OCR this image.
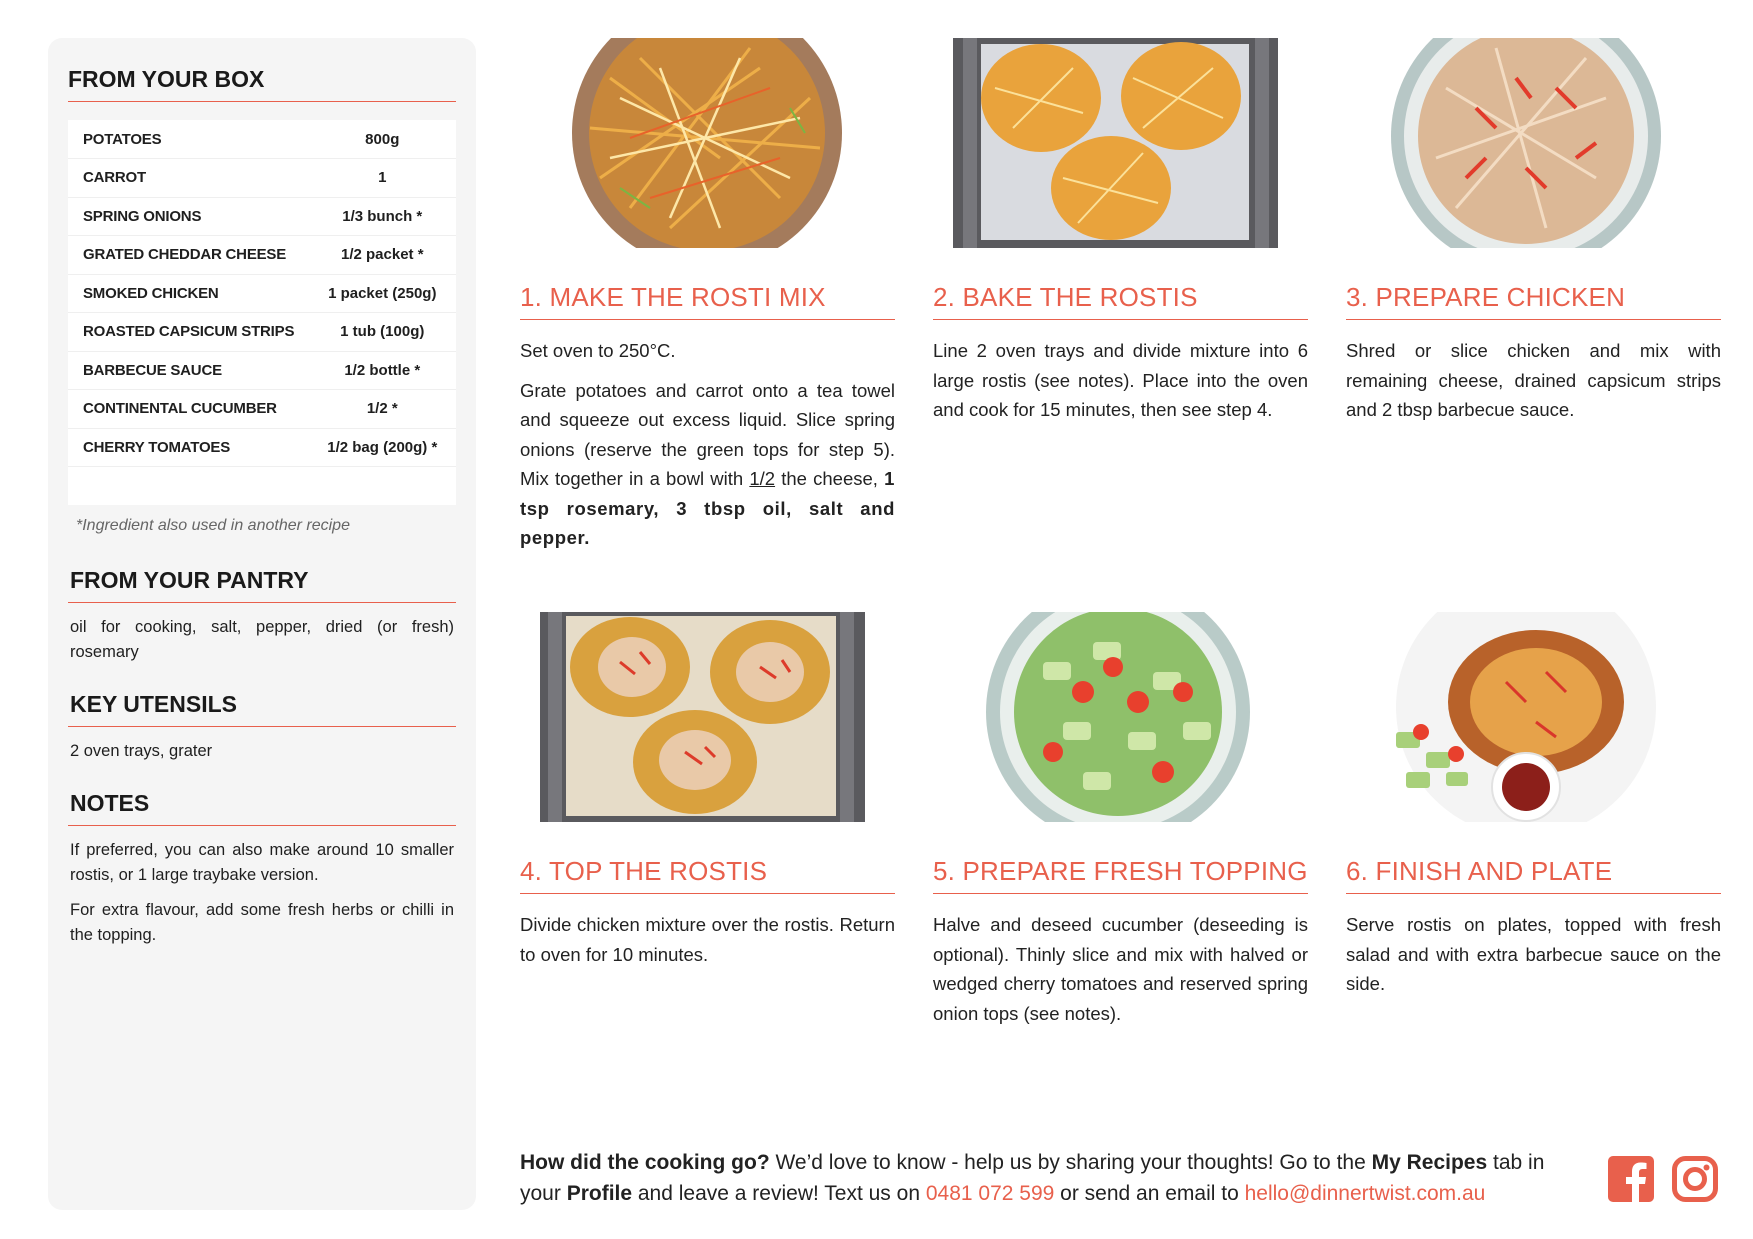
FROM YOUR BOX
POTATOES	800g
CARROT	1
SPRING ONIONS	1/3 bunch *
GRATED CHEDDAR CHEESE	1/2 packet *
SMOKED CHICKEN	1 packet (250g)
ROASTED CAPSICUM STRIPS	1 tub (100g)
BARBECUE SAUCE	1/2 bottle *
CONTINENTAL CUCUMBER	1/2 *
CHERRY TOMATOES	1/2 bag (200g) *

*Ingredient also used in another recipe
FROM YOUR PANTRY
oil for cooking, salt, pepper, dried (or fresh) rosemary
KEY UTENSILS
2 oven trays, grater
NOTES

If preferred, you can also make around 10 smaller rostis, or 1 large traybake version.

For extra flavour, add some fresh herbs or chilli in the topping.

1. MAKE THE ROSTI MIX

Set oven to 250°C.

Grate potatoes and carrot onto a tea towel and squeeze out excess liquid. Slice spring onions (reserve the green tops for step 5). Mix together in a bowl with 1/2 the cheese, 1 tsp rosemary, 3 tbsp oil, salt and pepper.

2. BAKE THE ROSTIS
Line 2 oven trays and divide mixture into 6 large rostis (see notes). Place into the oven and cook for 15 minutes, then see step 4.
3. PREPARE CHICKEN
Shred or slice chicken and mix with remaining cheese, drained capsicum strips and 2 tbsp barbecue sauce.
4. TOP THE ROSTIS
Divide chicken mixture over the rostis. Return to oven for 10 minutes.
5. PREPARE FRESH TOPPING
Halve and deseed cucumber (deseeding is optional). Thinly slice and mix with halved or wedged cherry tomatoes and reserved spring onion tops (see notes).
6. FINISH AND PLATE
Serve rostis on plates, topped with fresh salad and with extra barbecue sauce on the side.
How did the cooking go? We’d love to know - help us by sharing your thoughts! Go to the My Recipes tab in your Profile and leave a review! Text us on 0481 072 599 or send an email to hello@dinnertwist.com.au
